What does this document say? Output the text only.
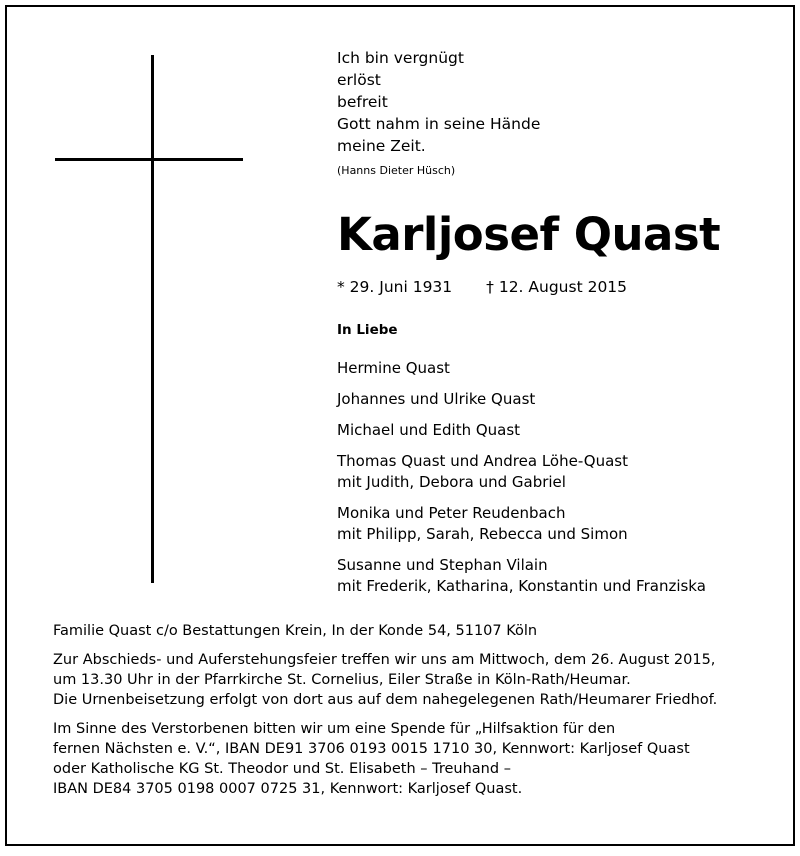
Ich bin vergnügt
erlöst
befreit
Gott nahm in seine Hände
meine Zeit.
(Hanns Dieter Hüsch)
Karljosef Quast
* 29. Juni 1931 † 12. August 2015
In Liebe
Hermine Quast
Johannes und Ulrike Quast
Michael und Edith Quast
Thomas Quast und Andrea Löhe-Quast
mit Judith, Debora und Gabriel
Monika und Peter Reudenbach
mit Philipp, Sarah, Rebecca und Simon
Susanne und Stephan Vilain
mit Frederik, Katharina, Konstantin und Franziska

Familie Quast c/o Bestattungen Krein, In der Konde 54, 51107 Köln

Zur Abschieds- und Auferstehungsfeier treffen wir uns am Mittwoch, dem 26. August 2015,
um 13.30 Uhr in der Pfarrkirche St. Cornelius, Eiler Straße in Köln-Rath/Heumar.
Die Urnenbeisetzung erfolgt von dort aus auf dem nahegelegenen Rath/Heumarer Friedhof.

Im Sinne des Verstorbenen bitten wir um eine Spende für „Hilfsaktion für den
fernen Nächsten e. V.“, IBAN DE91 3706 0193 0015 1710 30, Kennwort: Karljosef Quast
oder Katholische KG St. Theodor und St. Elisabeth – Treuhand –
IBAN DE84 3705 0198 0007 0725 31, Kennwort: Karljosef Quast.
